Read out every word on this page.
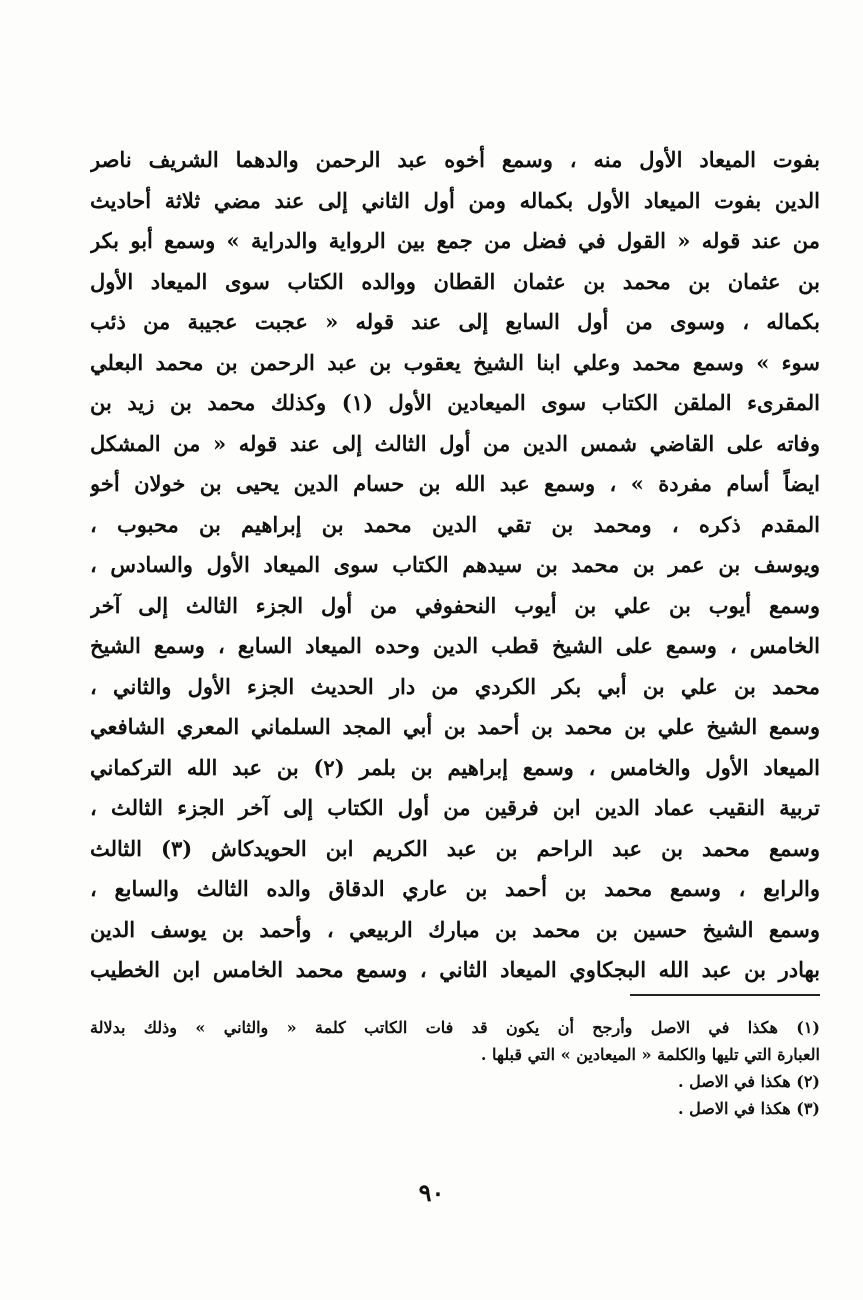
بفوت الميعاد الأول منه ، وسمع أخوه عبد الرحمن والدهما الشريف ناصر
الدين بفوت الميعاد الأول بكماله ومن أول الثاني إلى عند مضي ثلاثة أحاديث
من عند قوله « القول في فضل من جمع بين الرواية والدراية » وسمع أبو بكر
بن عثمان بن محمد بن عثمان القطان ووالده الكتاب سوى الميعاد الأول
بكماله ، وسوى من أول السابع إلى عند قوله « عجبت عجيبة من ذئب
سوء » وسمع محمد وعلي ابنا الشيخ يعقوب بن عبد الرحمن بن محمد البعلي
المقرىء الملقن الكتاب سوى الميعادين الأول (١) وكذلك محمد بن زيد بن
وفاته على القاضي شمس الدين من أول الثالث إلى عند قوله « من المشكل
ايضاً أسام مفردة » ، وسمع عبد الله بن حسام الدين يحيى بن خولان أخو
المقدم ذكره ، ومحمد بن تقي الدين محمد بن إبراهيم بن محبوب ،
ويوسف بن عمر بن محمد بن سيدهم الكتاب سوى الميعاد الأول والسادس ،
وسمع أيوب بن علي بن أيوب النحفوفي من أول الجزء الثالث إلى آخر
الخامس ، وسمع على الشيخ قطب الدين وحده الميعاد السابع ، وسمع الشيخ
محمد بن علي بن أبي بكر الكردي من دار الحديث الجزء الأول والثاني ،
وسمع الشيخ علي بن محمد بن أحمد بن أبي المجد السلماني المعري الشافعي
الميعاد الأول والخامس ، وسمع إبراهيم بن بلمر (٢) بن عبد الله التركماني
تربية النقيب عماد الدين ابن فرقين من أول الكتاب إلى آخر الجزء الثالث ،
وسمع محمد بن عبد الراحم بن عبد الكريم ابن الحويدكاش (٣) الثالث
والرابع ، وسمع محمد بن أحمد بن عاري الدقاق والده الثالث والسابع ،
وسمع الشيخ حسين بن محمد بن مبارك الربيعي ، وأحمد بن يوسف الدين
بهادر بن عبد الله البجكاوي الميعاد الثاني ، وسمع محمد الخامس ابن الخطيب
(١) هكذا في الاصل وأرجح أن يكون قد فات الكاتب كلمة « والثاني » وذلك بدلالة
العبارة التي تليها والكلمة « الميعادين » التي قبلها .
(٢) هكذا في الاصل .
(٣) هكذا في الاصل .
٩٠
